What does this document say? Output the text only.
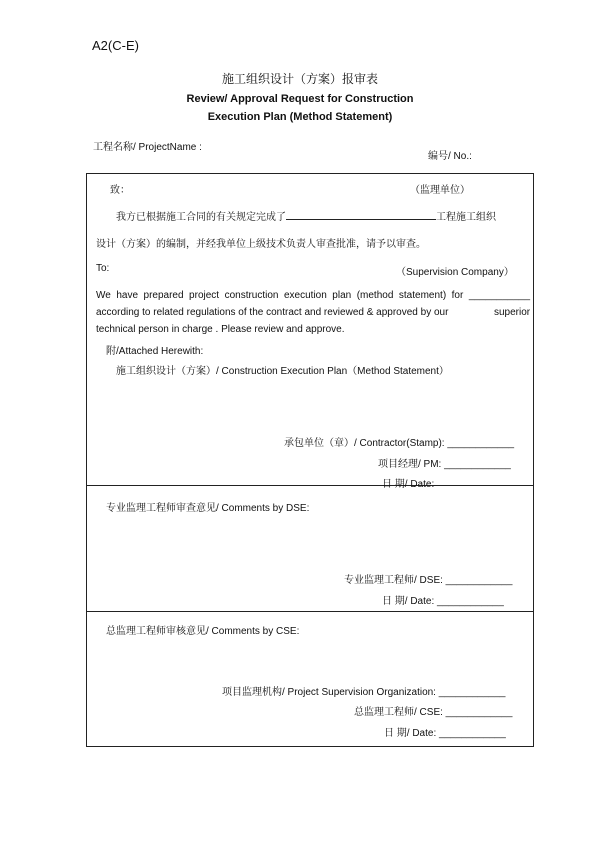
A2(C-E)
施工组织设计（方案）报审表
Review/ Approval Request for Construction
Execution Plan (Method Statement)
工程名称/ ProjectName :
编号/ No.:
致：	（监理单位）
我方已根据施工合同的有关规定完成了	工程施工组织
设计（方案）的编制，并经我单位上级技术负责人审查批准，请予以审查。
To:	（Supervision Company）
We have prepared project construction execution plan (method statement) for ___________
according to related regulations of the contract and reviewed & approved by our	superior
technical person in charge . Please review and approve.
附/Attached Herewith:
施工组织设计（方案）/ Construction Execution Plan（Method Statement）
承包单位（章）/ Contractor(Stamp): ____________
项目经理/ PM: ____________
日 期/ Date:
专业监理工程师审查意见/ Comments by DSE:
专业监理工程师/ DSE: ____________
日 期/ Date: ____________
总监理工程师审核意见/ Comments by CSE:
项目监理机构/ Project Supervision Organization: ____________
总监理工程师/ CSE: ____________
日 期/ Date: ____________
